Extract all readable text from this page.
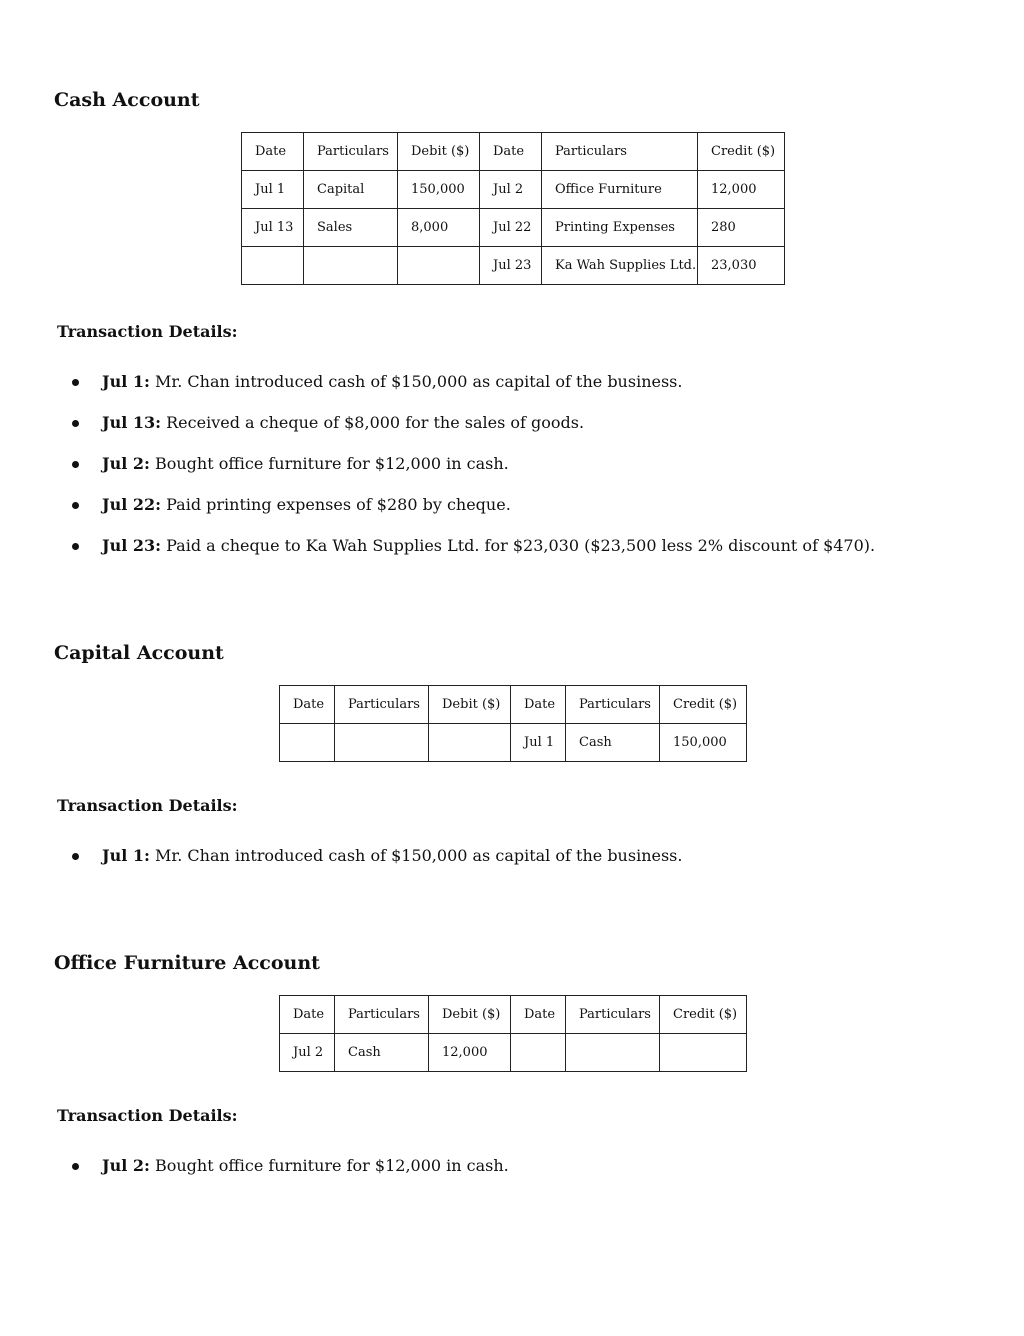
Cash Account
Date	Particulars	Debit ($)	Date	Particulars	Credit ($)
Jul 1	Capital	150,000	Jul 2	Office Furniture	12,000
Jul 13	Sales	8,000	Jul 22	Printing Expenses	280
			Jul 23	Ka Wah Supplies Ltd.	23,030
Transaction Details:
Jul 1: Mr. Chan introduced cash of $150,000 as capital of the business.
Jul 13: Received a cheque of $8,000 for the sales of goods.
Jul 2: Bought office furniture for $12,000 in cash.
Jul 22: Paid printing expenses of $280 by cheque.
Jul 23: Paid a cheque to Ka Wah Supplies Ltd. for $23,030 ($23,500 less 2% discount of $470).
Capital Account
Date	Particulars	Debit ($)	Date	Particulars	Credit ($)
			Jul 1	Cash	150,000
Transaction Details:
Jul 1: Mr. Chan introduced cash of $150,000 as capital of the business.
Office Furniture Account
Date	Particulars	Debit ($)	Date	Particulars	Credit ($)
Jul 2	Cash	12,000			
Transaction Details:
Jul 2: Bought office furniture for $12,000 in cash.
